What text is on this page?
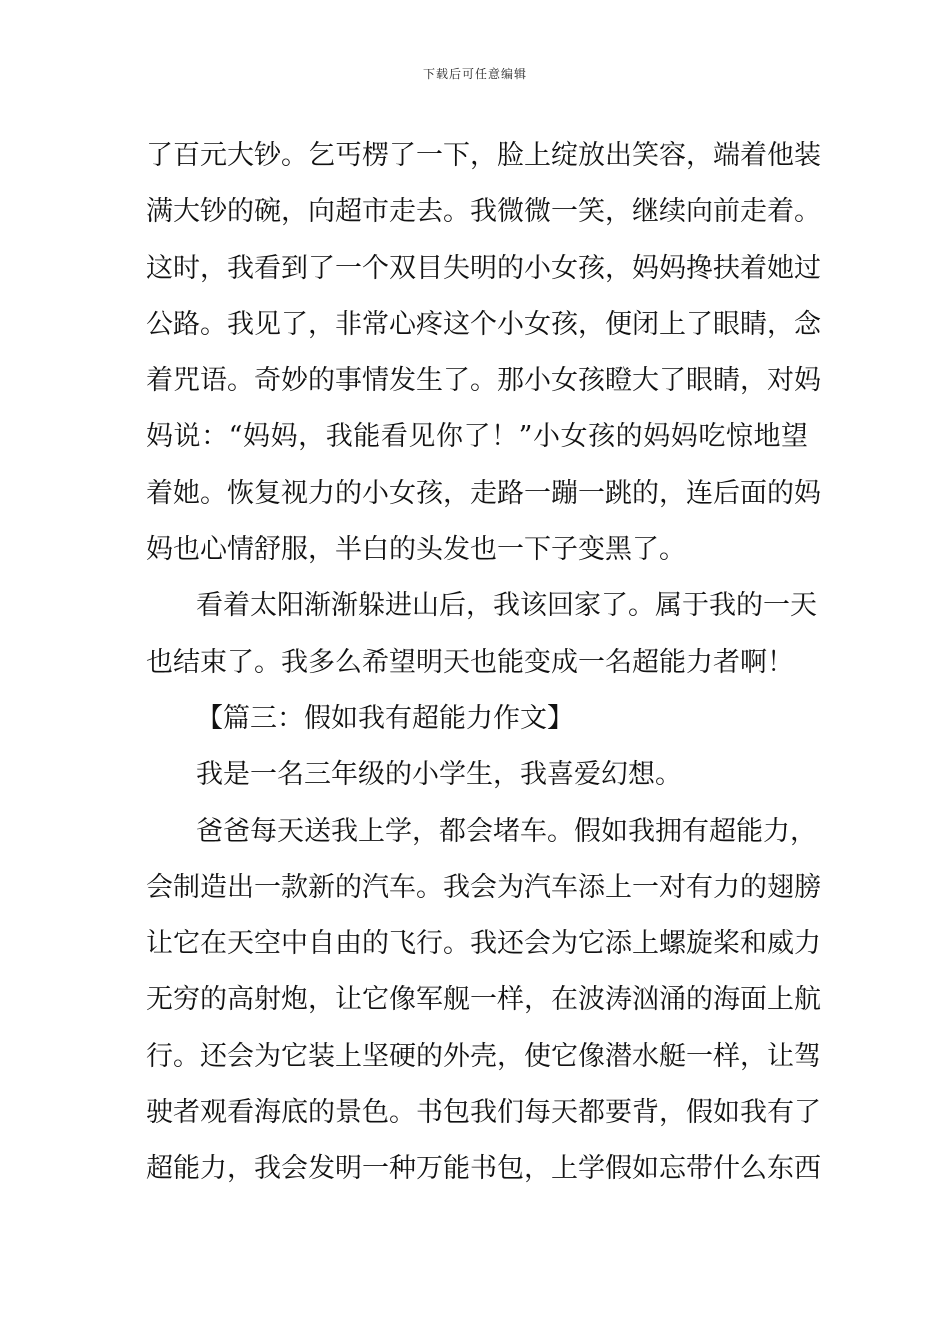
下载后可任意编辑
了百元大钞。乞丐楞了一下，脸上绽放出笑容，端着他装
满大钞的碗，向超市走去。我微微一笑，继续向前走着。
这时，我看到了一个双目失明的小女孩，妈妈搀扶着她过
公路。我见了，非常心疼这个小女孩，便闭上了眼睛，念
着咒语。奇妙的事情发生了。那小女孩瞪大了眼睛，对妈
妈说：“妈妈，我能看见你了！”小女孩的妈妈吃惊地望
着她。恢复视力的小女孩，走路一蹦一跳的，连后面的妈
妈也心情舒服，半白的头发也一下子变黑了。
看着太阳渐渐躲进山后，我该回家了。属于我的一天
也结束了。我多么希望明天也能变成一名超能力者啊！
【篇三：假如我有超能力作文】
我是一名三年级的小学生，我喜爱幻想。
爸爸每天送我上学，都会堵车。假如我拥有超能力，
会制造出一款新的汽车。我会为汽车添上一对有力的翅膀
让它在天空中自由的飞行。我还会为它添上螺旋桨和威力
无穷的高射炮，让它像军舰一样，在波涛汹涌的海面上航
行。还会为它装上坚硬的外壳，使它像潜水艇一样，让驾
驶者观看海底的景色。书包我们每天都要背，假如我有了
超能力，我会发明一种万能书包，上学假如忘带什么东西
